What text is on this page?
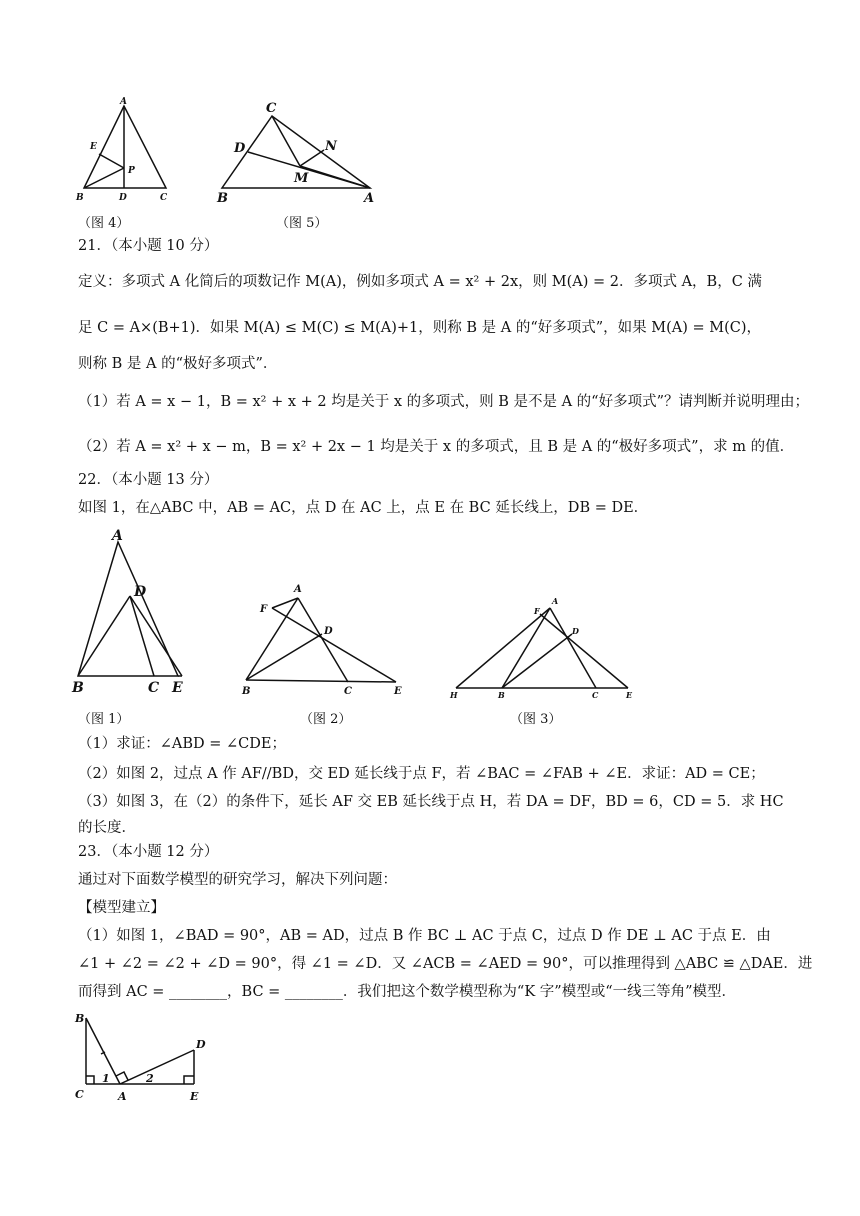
A
E
P
B	D	C
（图 4）
C
D	N
M
B	A
（图 5）
21．（本小题 10 分）
定义：多项式 A 化简后的项数记作 M(A)，例如多项式 A = x² + 2x，则 M(A) = 2．多项式 A，B，C 满
足 C = A×(B+1)．如果 M(A) ≤ M(C) ≤ M(A)+1，则称 B 是 A 的“好多项式”，如果 M(A) = M(C)，
则称 B 是 A 的“极好多项式”．
（1）若 A = x − 1，B = x² + x + 2 均是关于 x 的多项式，则 B 是不是 A 的“好多项式”？请判断并说明理由；
（2）若 A = x² + x − m，B = x² + 2x − 1 均是关于 x 的多项式，且 B 是 A 的“极好多项式”，求 m 的值．
22．（本小题 13 分）
如图 1，在△ABC 中，AB = AC，点 D 在 AC 上，点 E 在 BC 延长线上，DB = DE．
A
D
B	C E
（图 1）
A
F
D
B	C	E
（图 2）
A
F
D
H	B	C	E
（图 3）
（1）求证：∠ABD = ∠CDE；
（2）如图 2，过点 A 作 AF//BD，交 ED 延长线于点 F，若 ∠BAC = ∠FAB + ∠E．求证：AD = CE；
（3）如图 3，在（2）的条件下，延长 AF 交 EB 延长线于点 H，若 DA = DF，BD = 6，CD = 5．求 HC
的长度．
23．（本小题 12 分）
通过对下面数学模型的研究学习，解决下列问题：
【模型建立】
（1）如图 1，∠BAD = 90°，AB = AD，过点 B 作 BC ⊥ AC 于点 C，过点 D 作 DE ⊥ AC 于点 E．由
∠1 + ∠2 = ∠2 + ∠D = 90°，得 ∠1 = ∠D．又 ∠ACB = ∠AED = 90°，可以推理得到 △ABC ≌ △DAE．进
而得到 AC = ________，BC = ________．我们把这个数学模型称为“K 字”模型或“一线三等角”模型．
B
D
C	A	E
1	2
